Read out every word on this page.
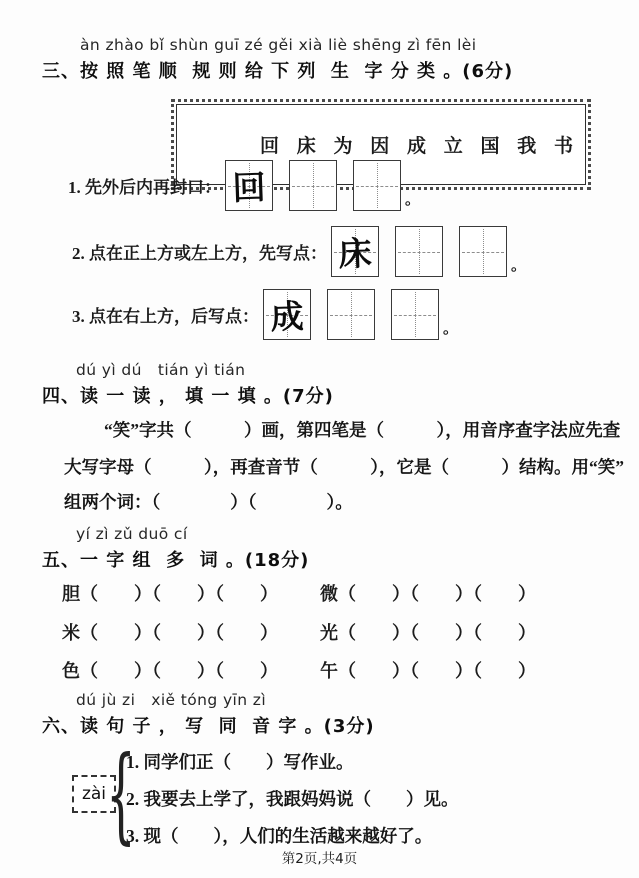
àn zhào bǐ shùn guī zé gěi xià liè shēng zì fēn lèi
三、按 照 笔 顺  规 则 给 下 列  生  字 分 类 。(6分)

回 床 为 因 成 立 国 我 书

1. 先外后内再封口： 回	。
2. 点在正上方或左上方，先写点： 床	。
3. 点在右上方，后写点： 成	。
dú yì dú   tián yì tián
四、读 一 读 ， 填 一 填 。(7分)
“笑”字共（　　　）画，第四笔是（　　　），用音序查字法应先查
大写字母（　　　），再查音节（　　　），它是（　　　）结构。用“笑”
组两个词：（　　　　）（　　　　）。
yí zì zǔ duō cí
五、一 字 组  多  词 。(18分)
胆 （　　）（　　）（　　） 微 （　　）（　　）（　　）
米 （　　）（　　）（　　） 光 （　　）（　　）（　　）
色 （　　）（　　）（　　） 午 （　　）（　　）（　　）
dú jù zi   xiě tóng yīn zì
六、读 句 子 ， 写  同  音 字 。(3分)
zài {
1. 同学们正（　　）写作业。
2. 我要去上学了，我跟妈妈说（　　）见。
3. 现（　　），人们的生活越来越好了。
第2页,共4页
